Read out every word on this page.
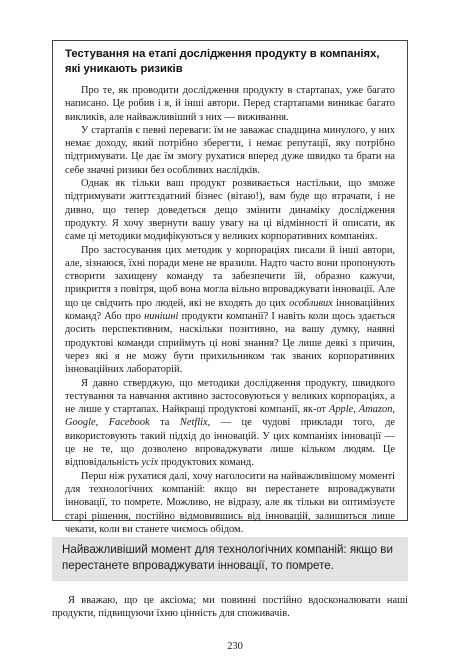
Тестування на етапі дослідження продукту в компаніях, які уникають ризиків

Про те, як проводити дослідження продукту в стартапах, уже багато написано. Це робив і я, й інші автори. Перед стартапами виникає багато викликів, але найважливіший з них — виживання.

У стартапів є певні переваги: їм не заважає спадщина минулого, у них немає доходу, який потрібно зберегти, і немає репутації, яку потрібно підтримувати. Це дає їм змогу рухатися вперед дуже швидко та брати на себе значні ризики без особливих наслідків.

Однак як тільки ваш продукт розвивається настільки, що зможе підтримувати життєздатний бізнес (вітаю!), вам буде що втрачати, і не дивно, що тепер доведеться дещо змінити динаміку дослідження продукту. Я хочу звернути вашу увагу на ці відмінності й описати, як саме ці методики модифікуються у великих корпоративних компаніях.

Про застосування цих методик у корпораціях писали й інші автори, але, зізнаюся, їхні поради мене не вразили. Надто часто вони пропонують створити захищену команду та забезпечити їй, образно кажучи, прикриття з повітря, щоб вона могла вільно впроваджувати інновації. Але що це свідчить про людей, які не входять до цих особливих інноваційних команд? Або про нинішні продукти компанії? І навіть коли щось здається досить перспективним, наскільки позитивно, на вашу думку, наявні продуктові команди сприймуть ці нові знання? Це лише деякі з причин, через які я не можу бути прихильником так званих корпоративних інноваційних лабораторій.

Я давно стверджую, що методики дослідження продукту, швидкого тестування та навчання активно застосовуються у великих корпораціях, а не лише у стартапах. Найкращі продуктові компанії, як-от Apple, Amazon, Google, Facebook та Netflix, — це чудові приклади того, де використовують такий підхід до інновацій. У цих компаніях інновації — це не те, що дозволено впроваджувати лише кільком людям. Це відповідальність усіх продуктових команд.

Перш ніж рухатися далі, хочу наголосити на найважливішому моменті для технологічних компаній: якщо ви перестанете впроваджувати інновації, то помрете. Можливо, не відразу, але як тільки ви оптимізуєте старі рішення, постійно відмовившись від інновацій, залишиться лише чекати, коли ви станете чиємось обідом.

Найважливіший момент для технологічних компаній: якщо ви перестанете впроваджувати інновації, то помрете.

Я вважаю, що це аксіома; ми повинні постійно вдосконалювати наші продукти, підвищуючи їхню цінність для споживачів.

230
